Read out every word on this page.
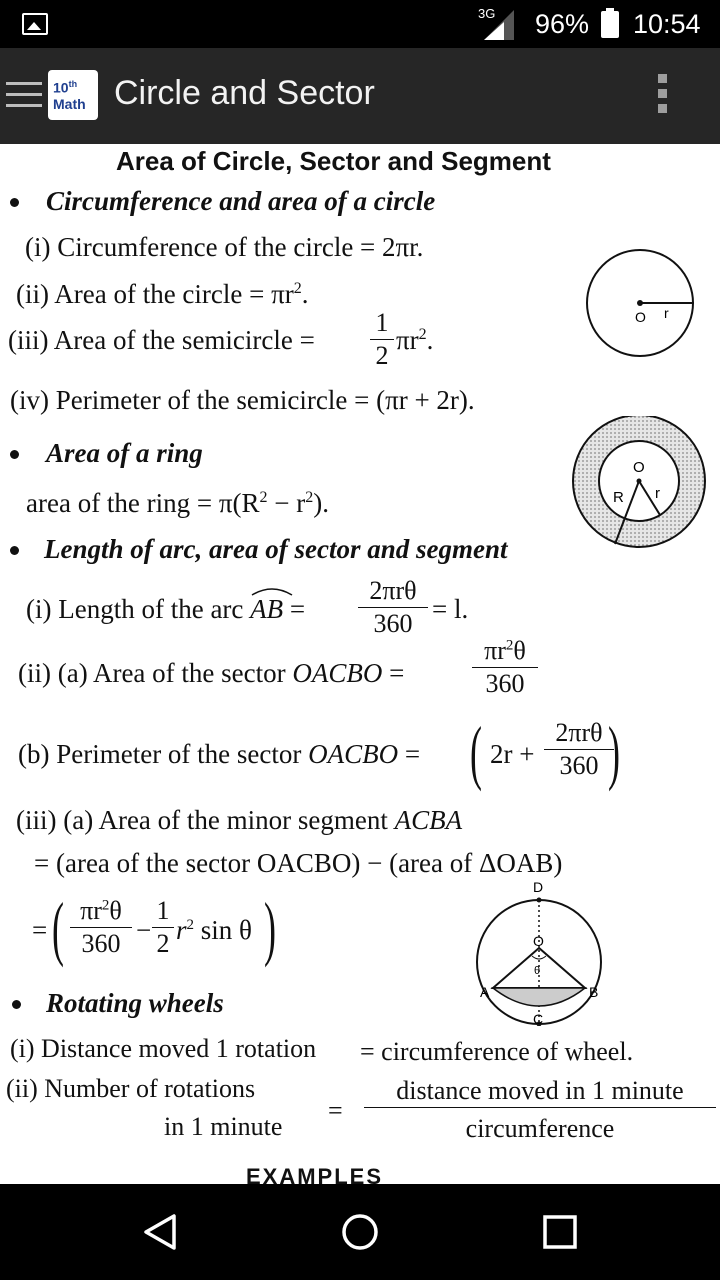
3G 96% 10:54
10th
Math Circle and Sector
Area of Circle, Sector and Segment
Circumference and area of a circle
(i) Circumference of the circle = 2πr.
(ii) Area of the circle = $\pi r^2$.
(iii) Area of the semicircle = $\frac{1}{2} \pi r^2$.
(iv) Perimeter of the semicircle = (πr + 2r).
O r
Area of a ring
area of the ring = $\pi(R^2 - r^2)$.
O
R r
Length of arc, area of sector and segment
(i) Length of the arc AB =
2πrθ
360 = l.
(ii) (a) Area of the sector OACBO =	$\frac{\pi r^2\theta}{360}$
(b) Perimeter of the sector OACBO = ( 2r +
2πrθ
360 )
(iii) (a) Area of the minor segment ACBA
= (area of the sector OACBO) − (area of ΔOAB)
= ( $\frac{\pi r^2\theta}{360} - \frac{1}{2} r^2$ sin θ )
D
O
θ
A	B
C
Rotating wheels
(i) Distance moved 1 rotation = circumference of wheel.
(ii) Number of rotations
in 1 minute
=
distance moved in 1 minute
circumference
EXAMPLES
